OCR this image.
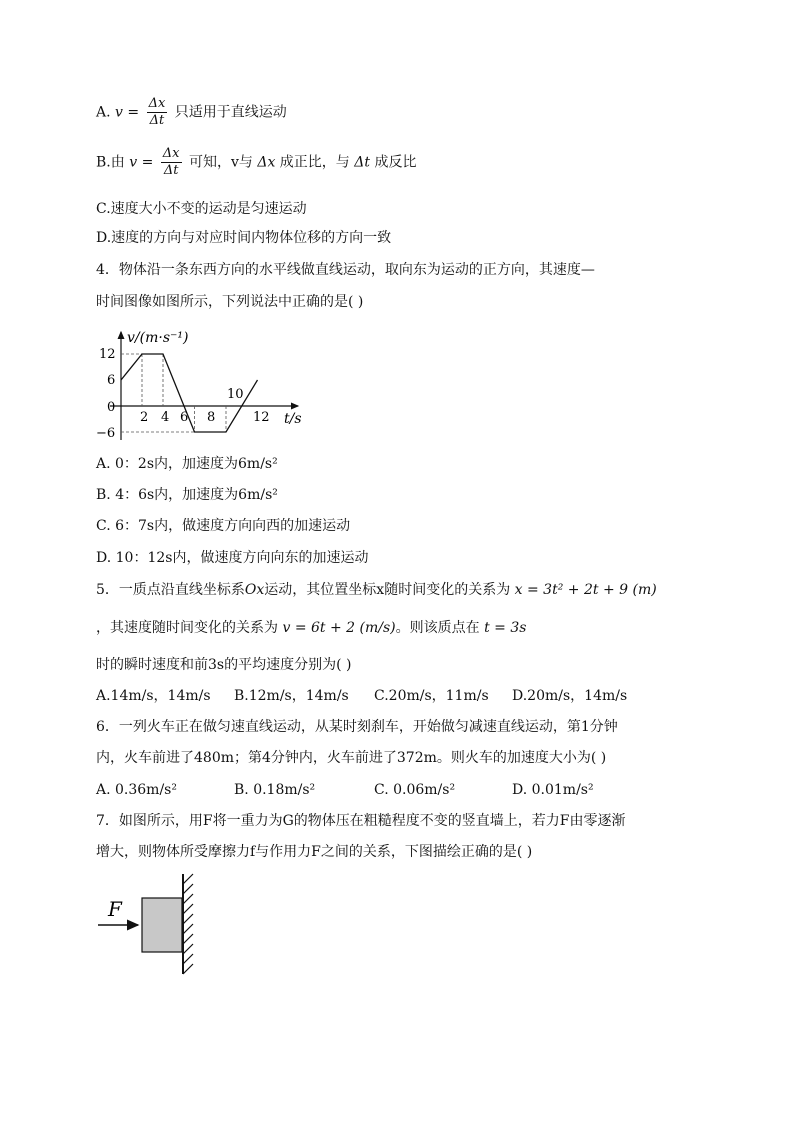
A. $v = \frac{\Delta x}{\Delta t}$ 只适用于直线运动
B.由 $v = \frac{\Delta x}{\Delta t}$ 可知，v与 Δx 成正比，与 Δt 成反比
C.速度大小不变的运动是匀速运动
D.速度的方向与对应时间内物体位移的方向一致
4．物体沿一条东西方向的水平线做直线运动，取向东为运动的正方向，其速度—
时间图像如图所示，下列说法中正确的是( )
v/(m·s⁻¹)
t/s
12
6
0
−6
2 4 6 8
10
12
A. 0：2s内，加速度为6m/s²
B. 4：6s内，加速度为6m/s²
C. 6：7s内，做速度方向向西的加速运动
D. 10：12s内，做速度方向向东的加速运动
5．一质点沿直线坐标系Ox运动，其位置坐标x随时间变化的关系为 x = 3t² + 2t + 9 (m)
，其速度随时间变化的关系为 v = 6t + 2 (m/s)。则该质点在 t = 3s
时的瞬时速度和前3s的平均速度分别为( )
A.14m/s，14m/s B.12m/s，14m/s C.20m/s，11m/s D.20m/s，14m/s
6．一列火车正在做匀速直线运动，从某时刻刹车，开始做匀减速直线运动，第1分钟
内，火车前进了480m；第4分钟内，火车前进了372m。则火车的加速度大小为( )
A. 0.36m/s²	B. 0.18m/s²	C. 0.06m/s²	D. 0.01m/s²
7．如图所示，用F将一重力为G的物体压在粗糙程度不变的竖直墙上，若力F由零逐渐
增大，则物体所受摩擦力f与作用力F之间的关系，下图描绘正确的是( )
F
